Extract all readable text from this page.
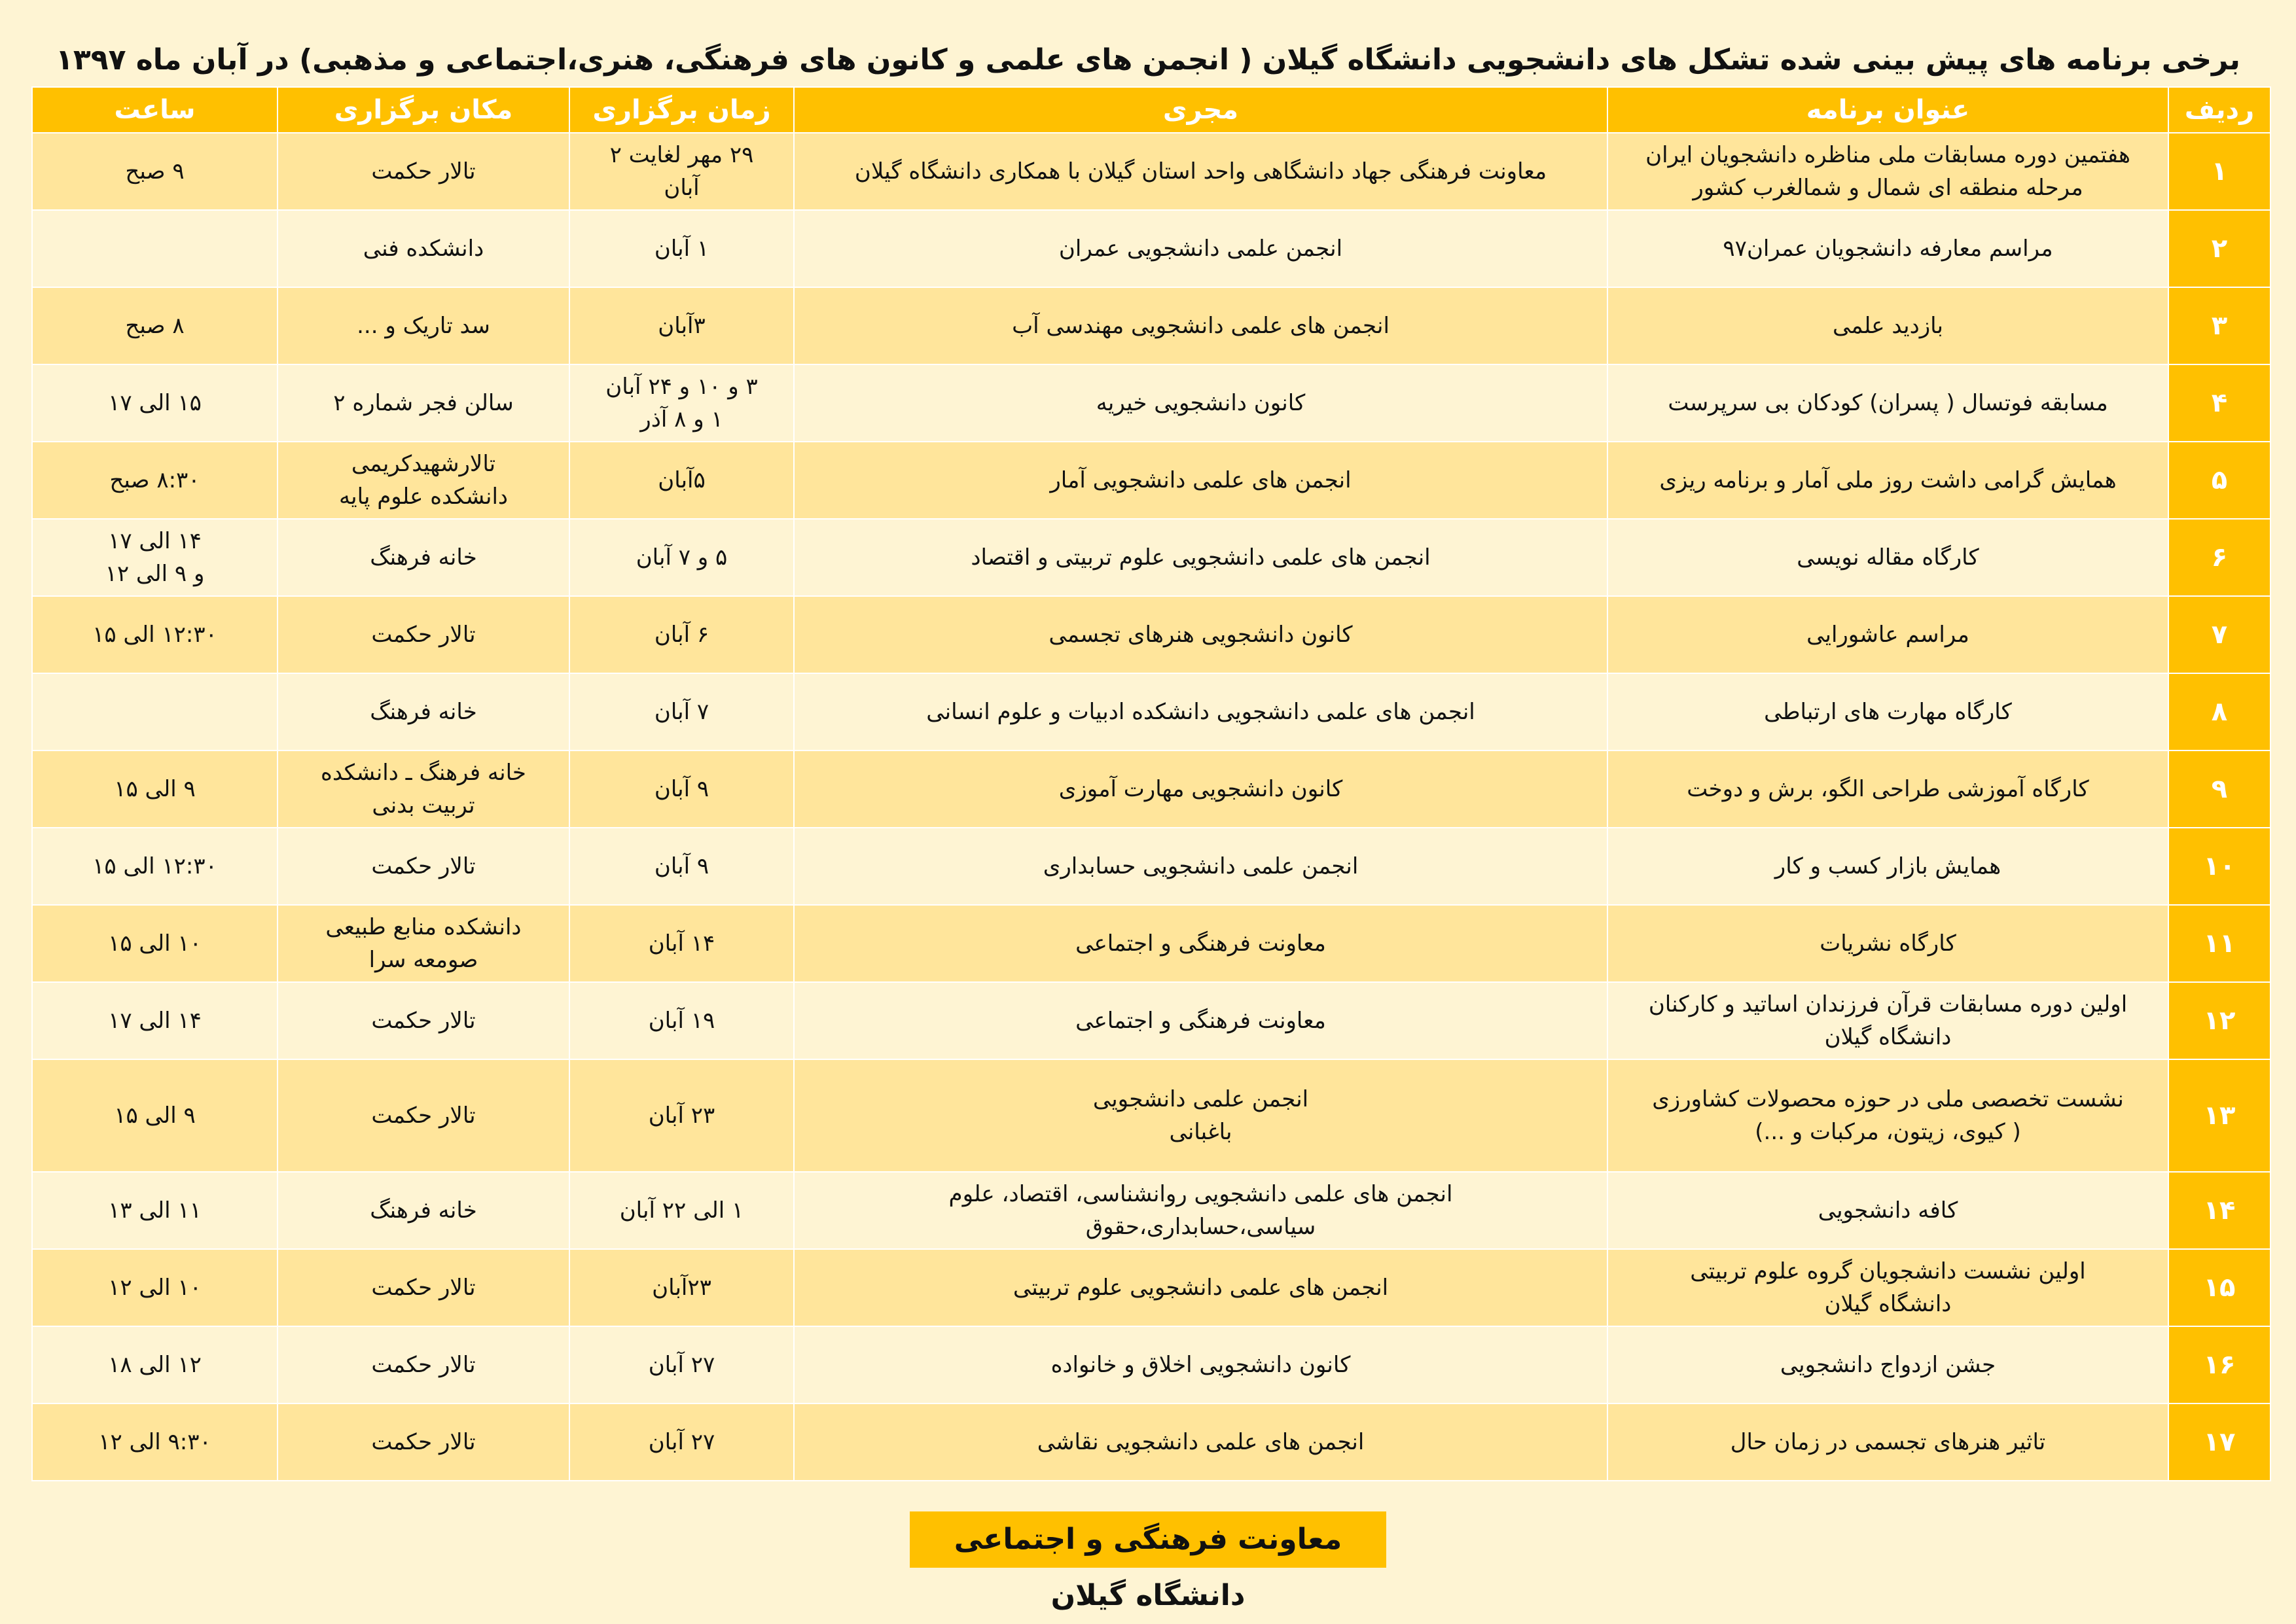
برخی برنامه های پیش بینی شده تشکل های دانشجویی دانشگاه گیلان ( انجمن های علمی و کانون های فرهنگی، هنری،اجتماعی و مذهبی) در آبان ماه ۱۳۹۷
ردیف	عنوان برنامه	مجری	زمان برگزاری	مکان برگزاری	ساعت
۱	هفتمین دوره مسابقات ملی مناظره دانشجویان ایران
مرحله منطقه ای شمال و شمالغرب کشور	معاونت فرهنگی جهاد دانشگاهی واحد استان گیلان با همکاری دانشگاه گیلان	۲۹ مهر لغایت ۲
آبان	تالار حکمت	۹ صبح

۲	مراسم معارفه دانشجویان عمران۹۷	انجمن علمی دانشجویی عمران	۱ آبان	دانشکده فنی	

۳	بازدید علمی	انجمن های علمی دانشجویی مهندسی آب	۳آبان	سد تاریک و ...	۸ صبح

۴	مسابقه فوتسال ( پسران) کودکان بی سرپرست	کانون دانشجویی خیریه	۳ و ۱۰ و ۲۴ آبان
۱ و ۸ آذر	سالن فجر شماره ۲	۱۵ الی ۱۷

۵	همایش گرامی داشت روز ملی آمار و برنامه ریزی	انجمن های علمی دانشجویی آمار	۵آبان	تالارشهیدکریمی
دانشکده علوم پایه	۸:۳۰ صبح

۶	کارگاه مقاله نویسی	انجمن های علمی دانشجویی علوم تربیتی و اقتصاد	۵ و ۷ آبان	خانه فرهنگ	۱۴ الی ۱۷
و ۹ الی ۱۲

۷	مراسم عاشورایی	کانون دانشجویی هنرهای تجسمی	۶ آبان	تالار حکمت	۱۲:۳۰ الی ۱۵

۸	کارگاه مهارت های ارتباطی	انجمن های علمی دانشجویی دانشکده ادبیات و علوم انسانی	۷ آبان	خانه فرهنگ	

۹	کارگاه آموزشی طراحی الگو، برش و دوخت	کانون دانشجویی مهارت آموزی	۹ آبان	خانه فرهنگ ـ دانشکده
تربیت بدنی	۹ الی ۱۵

۱۰	همایش بازار کسب و کار	انجمن علمی دانشجویی حسابداری	۹ آبان	تالار حکمت	۱۲:۳۰ الی ۱۵

۱۱	کارگاه نشریات	معاونت فرهنگی و اجتماعی	۱۴ آبان	دانشکده منابع طبیعی
صومعه سرا	۱۰ الی ۱۵

۱۲	اولین دوره مسابقات قرآن فرزندان اساتید و کارکنان
دانشگاه گیلان	معاونت فرهنگی و اجتماعی	۱۹ آبان	تالار حکمت	۱۴ الی ۱۷

۱۳	نشست تخصصی ملی در حوزه محصولات کشاورزی
( کیوی، زیتون، مرکبات و ...)	انجمن علمی دانشجویی
باغبانی	۲۳ آبان	تالار حکمت	۹ الی ۱۵

۱۴	کافه دانشجویی	انجمن های علمی دانشجویی روانشناسی، اقتصاد، علوم
سیاسی،حسابداری،حقوق	۱ الی ۲۲ آبان	خانه فرهنگ	۱۱ الی ۱۳

۱۵	اولین نشست دانشجویان گروه علوم تربیتی
دانشگاه گیلان	انجمن های علمی دانشجویی علوم تربیتی	۲۳آبان	تالار حکمت	۱۰ الی ۱۲

۱۶	جشن ازدواج دانشجویی	کانون دانشجویی اخلاق و خانواده	۲۷ آبان	تالار حکمت	۱۲ الی ۱۸

۱۷	تاثیر هنرهای تجسمی در زمان حال	انجمن های علمی دانشجویی نقاشی	۲۷ آبان	تالار حکمت	۹:۳۰ الی ۱۲
معاونت فرهنگی و اجتماعی دانشگاه گیلان
